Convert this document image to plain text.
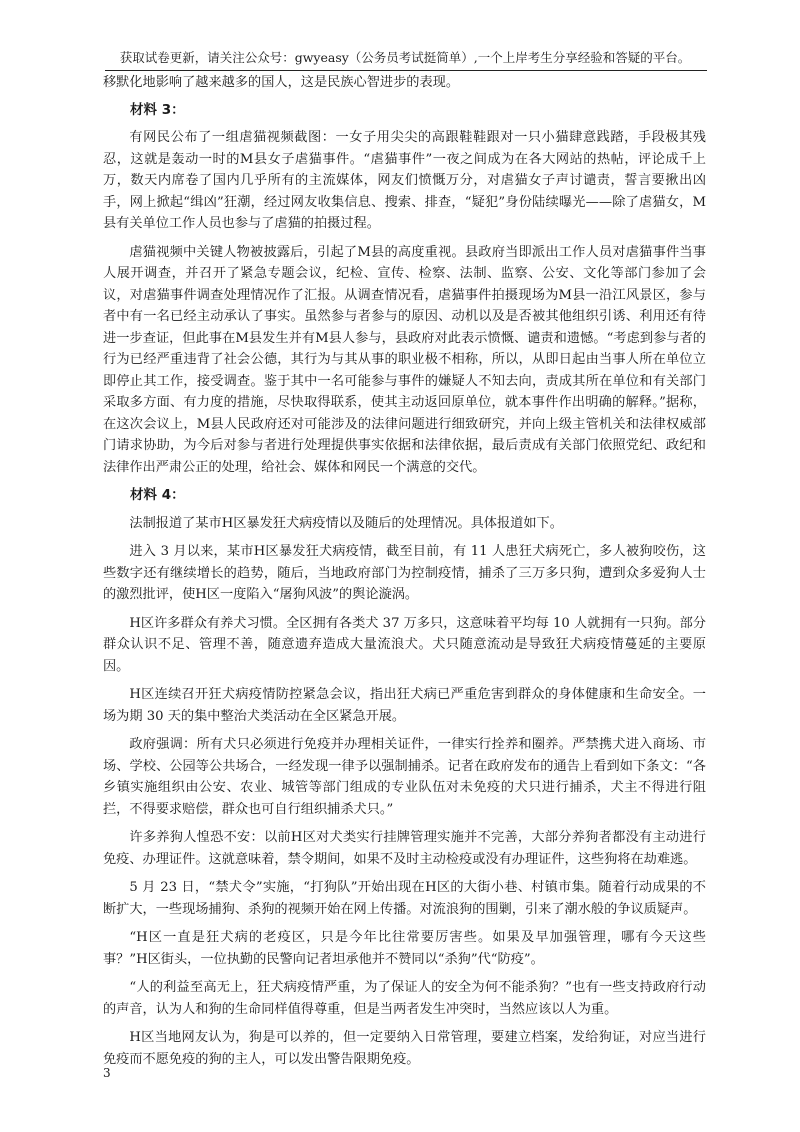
获取试卷更新，请关注公众号：gwyeasy（公务员考试挺简单）,一个上岸考生分享经验和答疑的平台。

移默化地影响了越来越多的国人，这是民族心智进步的表现。

材料 3：

有网民公布了一组虐猫视频截图：一女子用尖尖的高跟鞋鞋跟对一只小猫肆意践踏，手段极其残忍，这就是轰动一时的M县女子虐猫事件。“虐猫事件”一夜之间成为在各大网站的热帖，评论成千上万，数天内席卷了国内几乎所有的主流媒体，网友们愤慨万分，对虐猫女子声讨谴责，誓言要揪出凶手，网上掀起“缉凶”狂潮，经过网友收集信息、搜索、排查，“疑犯”身份陆续曝光——除了虐猫女，M县有关单位工作人员也参与了虐猫的拍摄过程。

虐猫视频中关键人物被披露后，引起了M县的高度重视。县政府当即派出工作人员对虐猫事件当事人展开调查，并召开了紧急专题会议，纪检、宣传、检察、法制、监察、公安、文化等部门参加了会议，对虐猫事件调查处理情况作了汇报。从调查情况看，虐猫事件拍摄现场为M县一沿江风景区，参与者中有一名已经主动承认了事实。虽然参与者参与的原因、动机以及是否被其他组织引诱、利用还有待进一步查证，但此事在M县发生并有M县人参与，县政府对此表示愤慨、谴责和遗憾。“考虑到参与者的行为已经严重违背了社会公德，其行为与其从事的职业极不相称，所以，从即日起由当事人所在单位立即停止其工作，接受调查。鉴于其中一名可能参与事件的嫌疑人不知去向，责成其所在单位和有关部门采取多方面、有力度的措施，尽快取得联系，使其主动返回原单位，就本事件作出明确的解释。”据称，在这次会议上，M县人民政府还对可能涉及的法律问题进行细致研究，并向上级主管机关和法律权威部门请求协助，为今后对参与者进行处理提供事实依据和法律依据，最后责成有关部门依照党纪、政纪和法律作出严肃公正的处理，给社会、媒体和网民一个满意的交代。

材料 4：

法制报道了某市H区暴发狂犬病疫情以及随后的处理情况。具体报道如下。

进入 3 月以来，某市H区暴发狂犬病疫情，截至目前，有 11 人患狂犬病死亡，多人被狗咬伤，这些数字还有继续增长的趋势，随后，当地政府部门为控制疫情，捕杀了三万多只狗，遭到众多爱狗人士的激烈批评，使H区一度陷入“屠狗风波”的舆论漩涡。

H区许多群众有养犬习惯。全区拥有各类犬 37 万多只，这意味着平均每 10 人就拥有一只狗。部分群众认识不足、管理不善，随意遗弃造成大量流浪犬。犬只随意流动是导致狂犬病疫情蔓延的主要原因。

H区连续召开狂犬病疫情防控紧急会议，指出狂犬病已严重危害到群众的身体健康和生命安全。一场为期 30 天的集中整治犬类活动在全区紧急开展。

政府强调：所有犬只必须进行免疫并办理相关证件，一律实行拴养和圈养。严禁携犬进入商场、市场、学校、公园等公共场合，一经发现一律予以强制捕杀。记者在政府发布的通告上看到如下条文：“各乡镇实施组织由公安、农业、城管等部门组成的专业队伍对未免疫的犬只进行捕杀，犬主不得进行阻拦，不得要求赔偿，群众也可自行组织捕杀犬只。”

许多养狗人惶恐不安：以前H区对犬类实行挂牌管理实施并不完善，大部分养狗者都没有主动进行免疫、办理证件。这就意味着，禁令期间，如果不及时主动检疫或没有办理证件，这些狗将在劫难逃。

5 月 23 日，“禁犬令”实施，“打狗队”开始出现在H区的大街小巷、村镇市集。随着行动成果的不断扩大，一些现场捕狗、杀狗的视频开始在网上传播。对流浪狗的围剿，引来了潮水般的争议质疑声。

“H区一直是狂犬病的老疫区，只是今年比往常要厉害些。如果及早加强管理，哪有今天这些事？”H区街头，一位执勤的民警向记者坦承他并不赞同以“杀狗”代“防疫”。

“人的利益至高无上，狂犬病疫情严重，为了保证人的安全为何不能杀狗？”也有一些支持政府行动的声音，认为人和狗的生命同样值得尊重，但是当两者发生冲突时，当然应该以人为重。

H区当地网友认为，狗是可以养的，但一定要纳入日常管理，要建立档案，发给狗证，对应当进行免疫而不愿免疫的狗的主人，可以发出警告限期免疫。

3
